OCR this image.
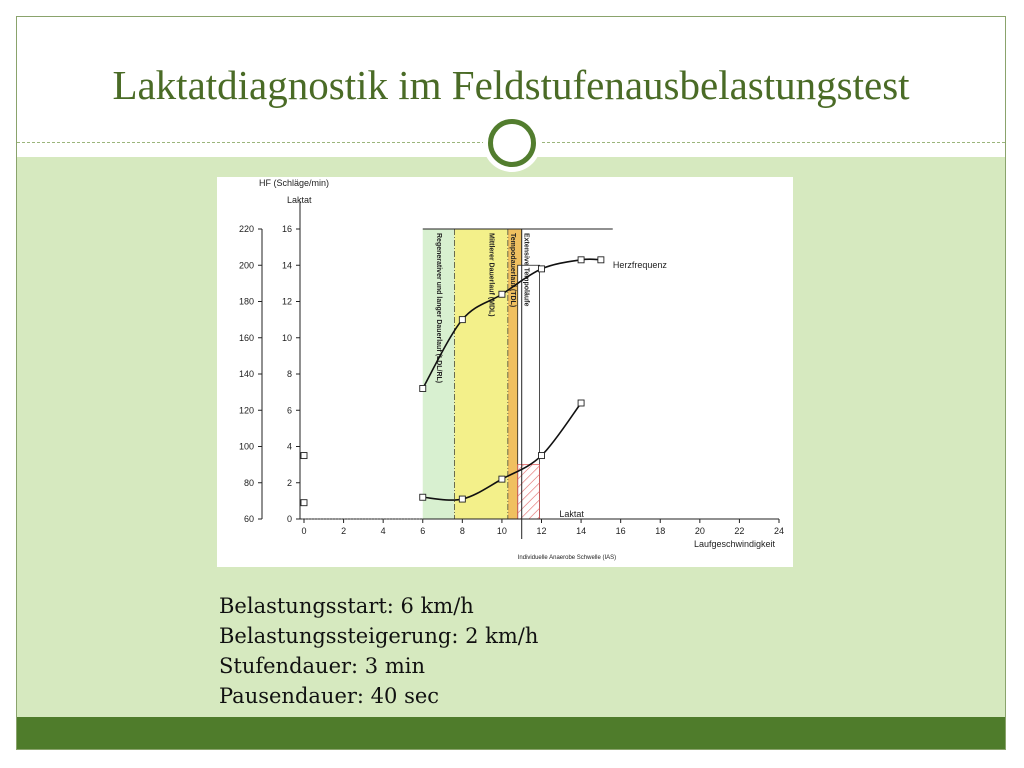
Laktatdiagnostik im Feldstufenausbelastungstest
Regenerativer und langer Dauerlauf (LDL/RL)	Mittlerer Dauerlauf (MDL) Tempodauerlauf (TDL) Extensive Tempoläufe
60
80
100
120
140
160
180
200
220
HF (Schläge/min)
0
2
4
6
8
10
12
14
16
Laktat
0	2	4	6	8	10	12	14	16	18	20	22	24
Laufgeschwindigkeit
Laktat
Individuelle Anaerobe Schwelle (IAS)
Herzfrequenz
Belastungsstart: 6 km/h
Belastungssteigerung: 2 km/h
Stufendauer: 3 min
Pausendauer: 40 sec
